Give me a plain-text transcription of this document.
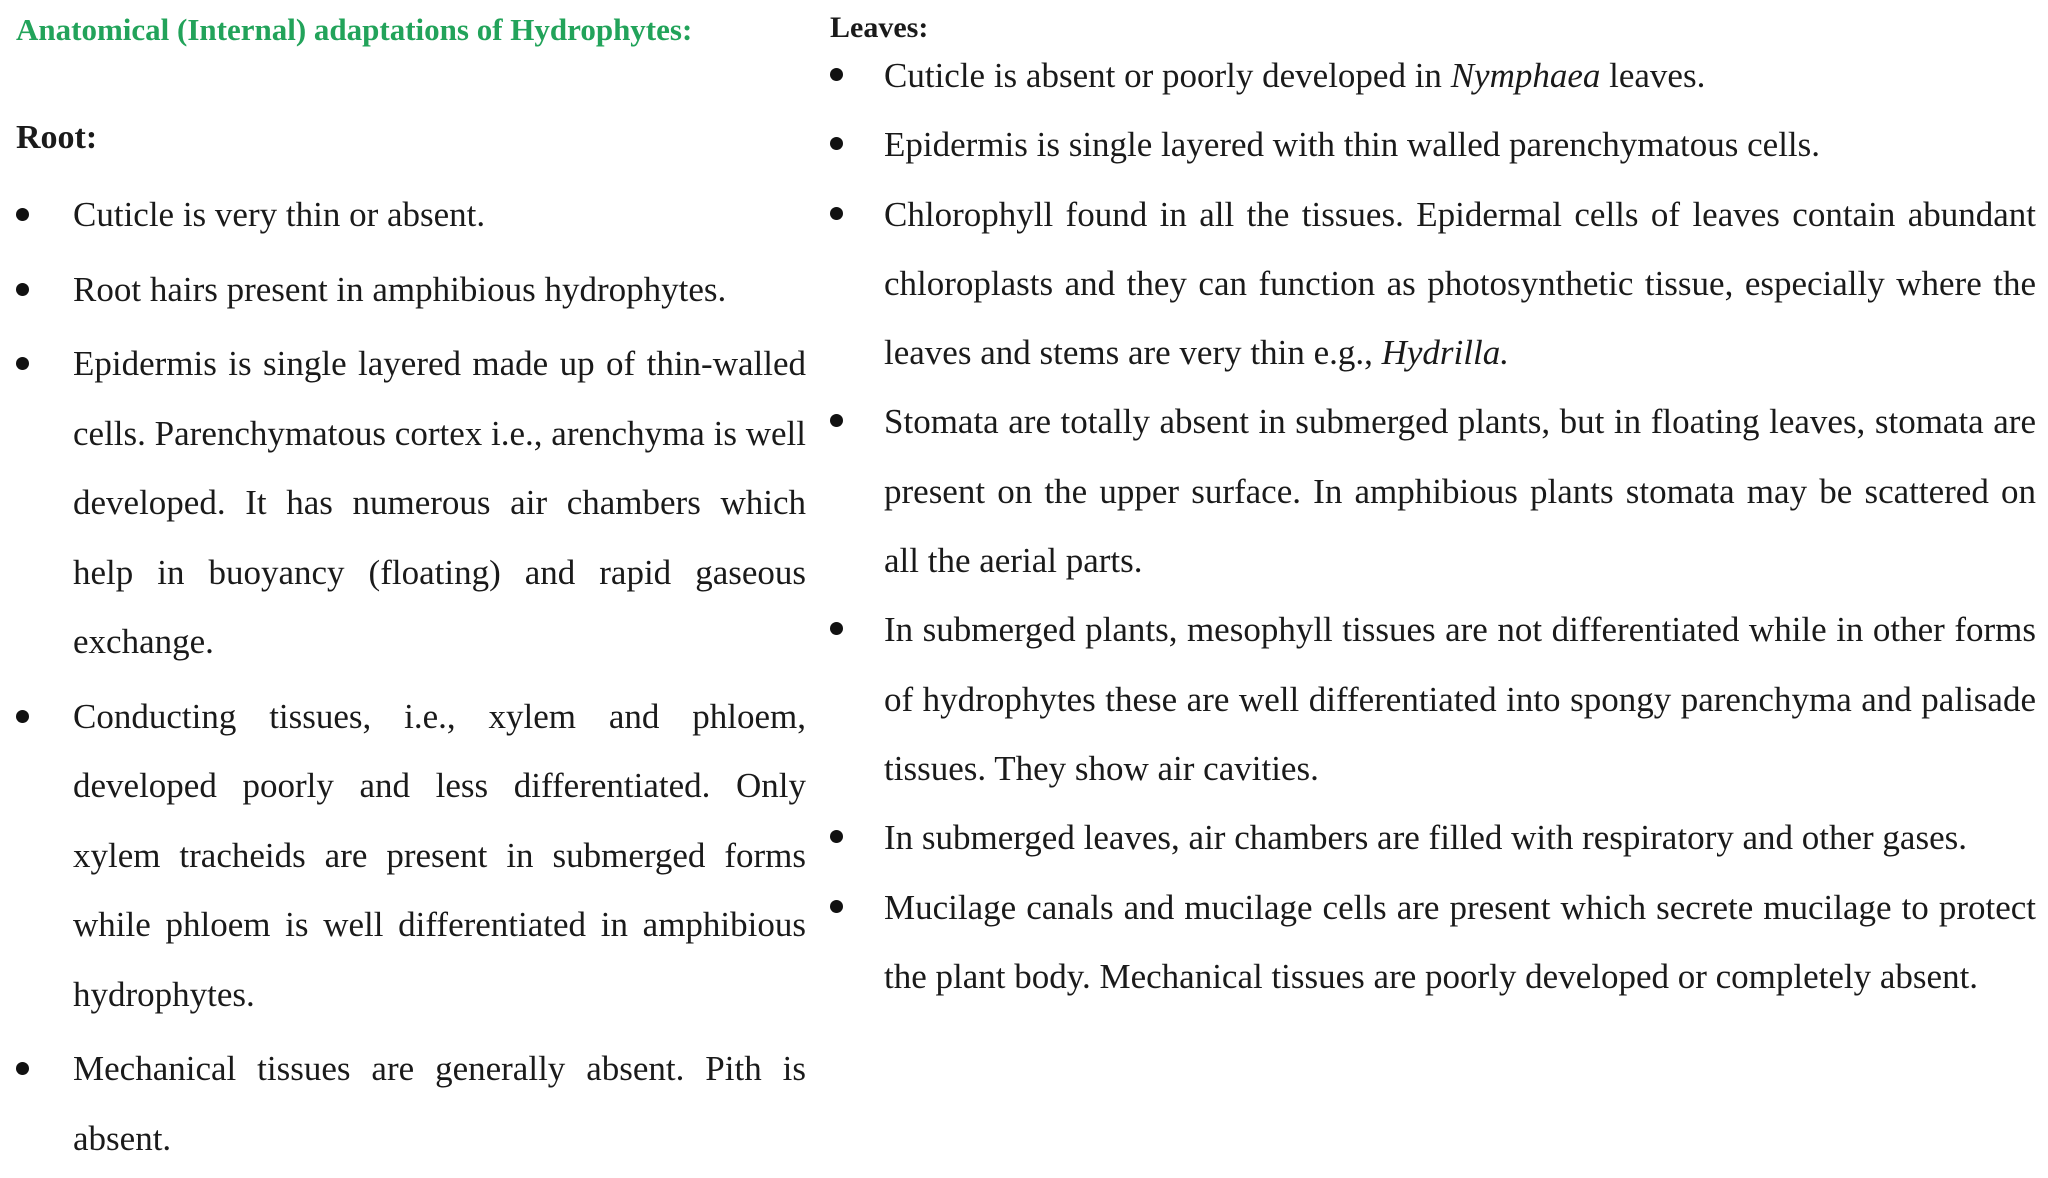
Anatomical (Internal) adaptations of Hydrophytes:
Root:
Cuticle is very thin or absent.
Root hairs present in amphibious hydrophytes.
Epidermis is single layered made up of thin-walled cells. Parenchymatous cortex i.e., arenchyma is well developed. It has numerous air chambers which help in buoyancy (floating) and rapid gaseous exchange.
Conducting tissues, i.e., xylem and phloem, developed poorly and less differentiated. Only xylem tracheids are present in submerged forms while phloem is well differentiated in amphibious hydrophytes.
Mechanical tissues are generally absent. Pith is absent.
Leaves:
Cuticle is absent or poorly developed in Nymphaea leaves.
Epidermis is single layered with thin walled parenchymatous cells.
Chlorophyll found in all the tissues. Epidermal cells of leaves contain abundant chloroplasts and they can function as photosynthetic tissue, especially where the leaves and stems are very thin e.g., Hydrilla.
Stomata are totally absent in submerged plants, but in floating leaves, stomata are present on the upper surface. In amphibious plants stomata may be scattered on all the aerial parts.
In submerged plants, mesophyll tissues are not differentiated while in other forms of hydrophytes these are well differentiated into spongy parenchyma and palisade tissues. They show air cavities.
In submerged leaves, air chambers are filled with respiratory and other gases.
Mucilage canals and mucilage cells are present which secrete mucilage to protect the plant body. Mechanical tissues are poorly developed or completely absent.
